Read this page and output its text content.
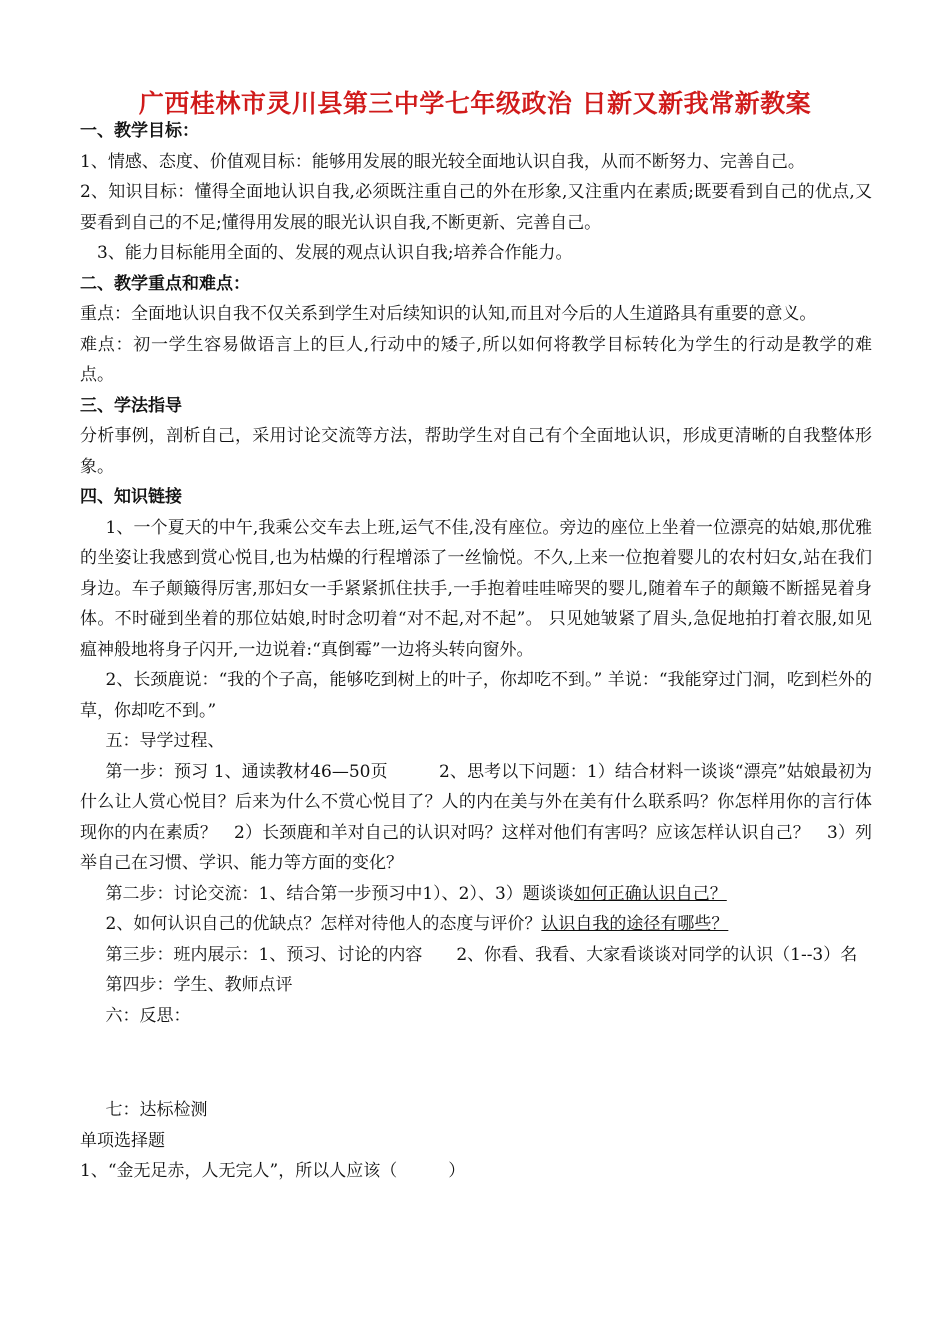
广西桂林市灵川县第三中学七年级政治 日新又新我常新教案
一、教学目标：

1、情感、态度、价值观目标：能够用发展的眼光较全面地认识自我，从而不断努力、完善自己。

2、知识目标：懂得全面地认识自我,必须既注重自己的外在形象,又注重内在素质;既要看到自己的优点,又要看到自己的不足;懂得用发展的眼光认识自我,不断更新、完善自己。

3、能力目标能用全面的、发展的观点认识自我;培养合作能力。

二、教学重点和难点：

重点：全面地认识自我不仅关系到学生对后续知识的认知,而且对今后的人生道路具有重要的意义。

难点：初一学生容易做语言上的巨人,行动中的矮子,所以如何将教学目标转化为学生的行动是教学的难点。

三、学法指导

分析事例，剖析自己，采用讨论交流等方法，帮助学生对自己有个全面地认识，形成更清晰的自我整体形象。

四、知识链接

1、一个夏天的中午,我乘公交车去上班,运气不佳,没有座位。旁边的座位上坐着一位漂亮的姑娘,那优雅的坐姿让我感到赏心悦目,也为枯燥的行程增添了一丝愉悦。不久,上来一位抱着婴儿的农村妇女,站在我们身边。车子颠簸得厉害,那妇女一手紧紧抓住扶手,一手抱着哇哇啼哭的婴儿,随着车子的颠簸不断摇晃着身体。不时碰到坐着的那位姑娘,时时念叨着“对不起,对不起”。 只见她皱紧了眉头,急促地拍打着衣服,如见瘟神般地将身子闪开,一边说着:“真倒霉”一边将头转向窗外。

2、长颈鹿说：“我的个子高，能够吃到树上的叶子，你却吃不到。” 羊说：“我能穿过门洞，吃到栏外的草，你却吃不到。”

五：导学过程、

第一步：预习 1、通读教材46—50页　　　2、思考以下问题：1）结合材料一谈谈“漂亮”姑娘最初为什么让人赏心悦目？后来为什么不赏心悦目了？人的内在美与外在美有什么联系吗？你怎样用你的言行体现你的内在素质？　2）长颈鹿和羊对自己的认识对吗？这样对他们有害吗？应该怎样认识自己？　3）列举自己在习惯、学识、能力等方面的变化？

第二步：讨论交流：1、结合第一步预习中1）、2）、3）题谈谈如何正确认识自己？

2、如何认识自己的优缺点？怎样对待他人的态度与评价？认识自我的途径有哪些？

第三步：班内展示：1、预习、讨论的内容　　2、你看、我看、大家看谈谈对同学的认识（1--3）名

第四步：学生、教师点评

六：反思：

七：达标检测

单项选择题

1、“金无足赤，人无完人”，所以人应该（　　　）
